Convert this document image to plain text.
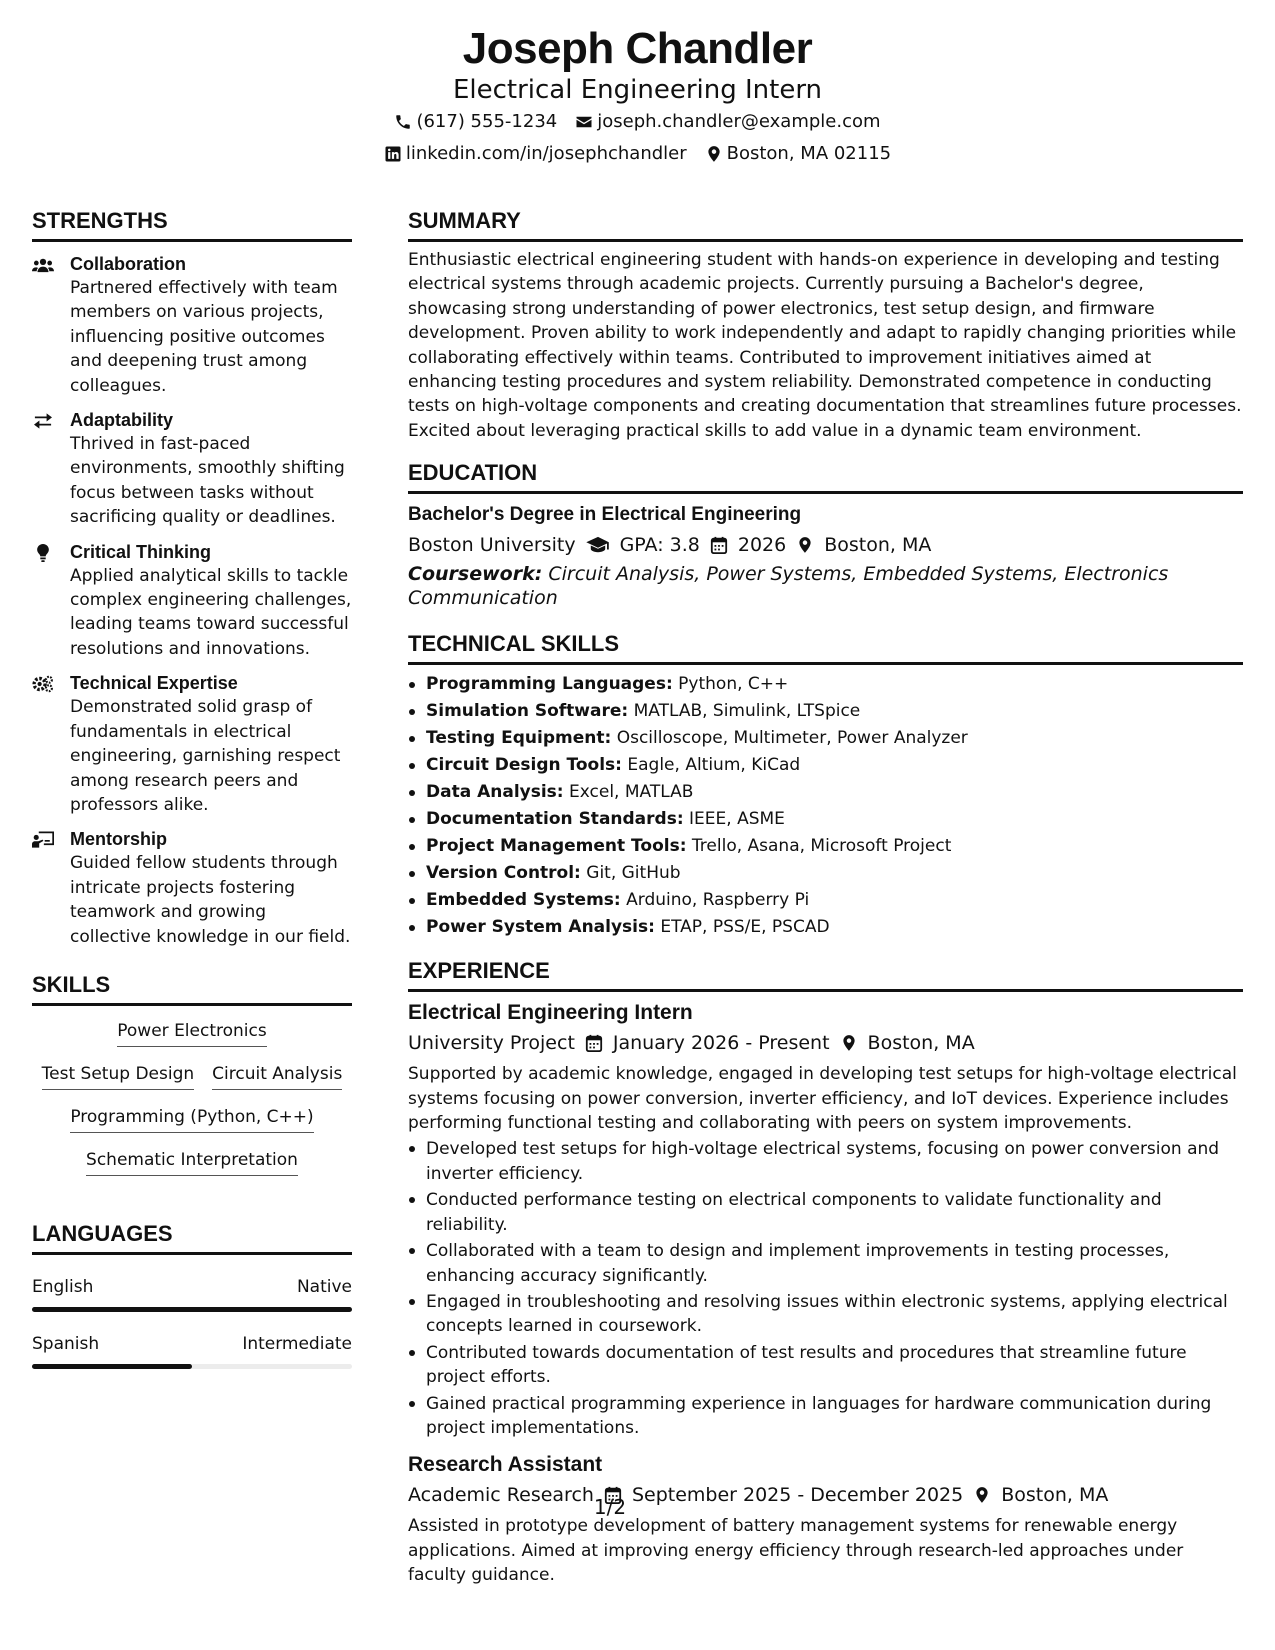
Joseph Chandler
Electrical Engineering Intern
(617) 555-1234 joseph.chandler@example.com
linkedin.com/in/josephchandler Boston, MA 02115
STRENGTHS
Collaboration
Partnered effectively with team members on various projects, influencing positive outcomes and deepening trust among colleagues.
Adaptability
Thrived in fast-paced environments, smoothly shifting focus between tasks without sacrificing quality or deadlines.
Critical Thinking
Applied analytical skills to tackle complex engineering challenges, leading teams toward successful resolutions and innovations.
Technical Expertise
Demonstrated solid grasp of fundamentals in electrical engineering, garnishing respect among research peers and professors alike.
Mentorship
Guided fellow students through intricate projects fostering teamwork and growing collective knowledge in our field.
SKILLS
Power Electronics
Test Setup Design Circuit Analysis
Programming (Python, C++)
Schematic Interpretation
LANGUAGES
English	Native
Spanish	Intermediate
SUMMARY
Enthusiastic electrical engineering student with hands-on experience in developing and testing electrical systems through academic projects. Currently pursuing a Bachelor's degree, showcasing strong understanding of power electronics, test setup design, and firmware development. Proven ability to work independently and adapt to rapidly changing priorities while collaborating effectively within teams. Contributed to improvement initiatives aimed at enhancing testing procedures and system reliability. Demonstrated competence in conducting tests on high-voltage components and creating documentation that streamlines future processes. Excited about leveraging practical skills to add value in a dynamic team environment.
EDUCATION
Bachelor's Degree in Electrical Engineering
Boston University GPA: 3.8 2026 Boston, MA
Coursework: Circuit Analysis, Power Systems, Embedded Systems, Electronics Communication
TECHNICAL SKILLS
Programming Languages: Python, C++
Simulation Software: MATLAB, Simulink, LTSpice
Testing Equipment: Oscilloscope, Multimeter, Power Analyzer
Circuit Design Tools: Eagle, Altium, KiCad
Data Analysis: Excel, MATLAB
Documentation Standards: IEEE, ASME
Project Management Tools: Trello, Asana, Microsoft Project
Version Control: Git, GitHub
Embedded Systems: Arduino, Raspberry Pi
Power System Analysis: ETAP, PSS/E, PSCAD
EXPERIENCE
Electrical Engineering Intern
University Project January 2026 - Present Boston, MA
Supported by academic knowledge, engaged in developing test setups for high-voltage electrical systems focusing on power conversion, inverter efficiency, and IoT devices. Experience includes performing functional testing and collaborating with peers on system improvements.
Developed test setups for high-voltage electrical systems, focusing on power conversion and inverter efficiency.
Conducted performance testing on electrical components to validate functionality and reliability.
Collaborated with a team to design and implement improvements in testing processes, enhancing accuracy significantly.
Engaged in troubleshooting and resolving issues within electronic systems, applying electrical concepts learned in coursework.
Contributed towards documentation of test results and procedures that streamline future project efforts.
Gained practical programming experience in languages for hardware communication during project implementations.
Research Assistant
Academic Research September 2025 - December 2025 Boston, MA
Assisted in prototype development of battery management systems for renewable energy applications. Aimed at improving energy efficiency through research-led approaches under faculty guidance.
1/2
